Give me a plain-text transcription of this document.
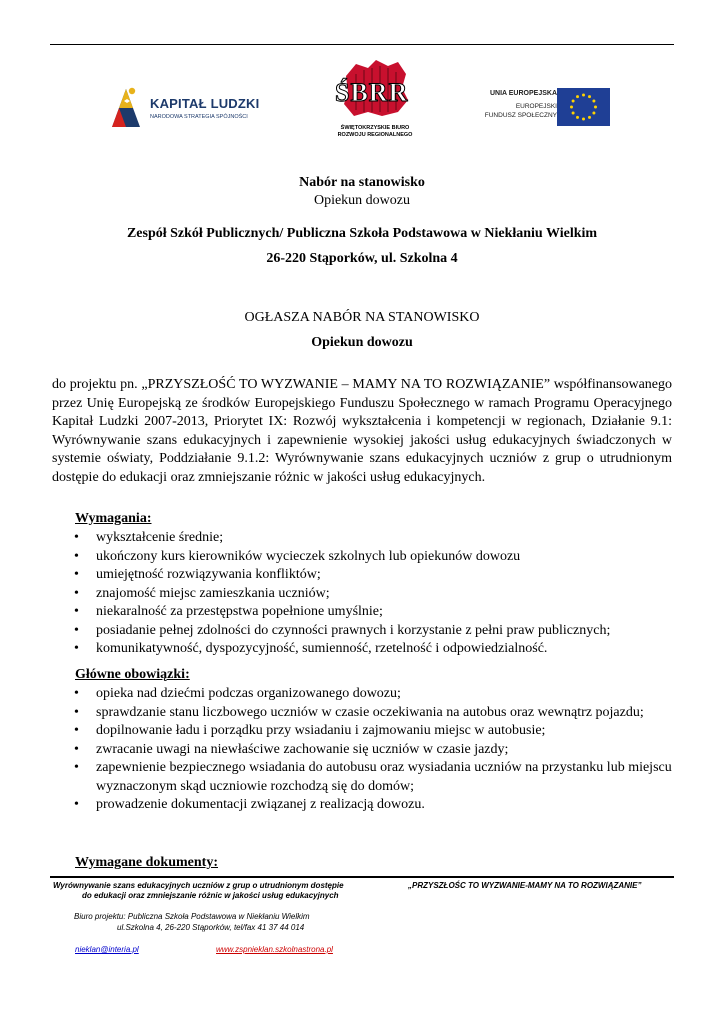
KAPITAŁ LUDZKI
NARODOWA STRATEGIA SPÓJNOŚCI
ŚBRR
ŚWIĘTOKRZYSKIE BIURO
ROZWOJU REGIONALNEGO
UNIA EUROPEJSKA
EUROPEJSKI
FUNDUSZ SPOŁECZNY
Nabór na stanowisko
Opiekun dowozu
Zespół Szkół Publicznych/ Publiczna Szkoła Podstawowa w Niekłaniu Wielkim
26-220 Stąporków, ul. Szkolna 4
OGŁASZA NABÓR NA STANOWISKO
Opiekun dowozu
do projektu pn. „PRZYSZŁOŚĆ TO WYZWANIE – MAMY NA TO ROZWIĄZANIE” współfinansowanego przez Unię Europejską ze środków Europejskiego Funduszu Społecznego w ramach Programu Operacyjnego Kapitał Ludzki 2007-2013, Priorytet IX: Rozwój wykształcenia i kompetencji w regionach, Działanie 9.1: Wyrównywanie szans edukacyjnych i zapewnienie wysokiej jakości usług edukacyjnych świadczonych w systemie oświaty, Poddziałanie 9.1.2: Wyrównywanie szans edukacyjnych uczniów z grup o utrudnionym dostępie do edukacji oraz zmniejszanie różnic w jakości usług edukacyjnych.
Wymagania:
• wykształcenie średnie;
• ukończony kurs kierowników wycieczek szkolnych lub opiekunów dowozu
• umiejętność rozwiązywania konfliktów;
• znajomość miejsc zamieszkania uczniów;
• niekaralność za przestępstwa popełnione umyślnie;
• posiadanie pełnej zdolności do czynności prawnych i korzystanie z pełni praw publicznych;
• komunikatywność, dyspozycyjność, sumienność, rzetelność i odpowiedzialność.
Główne obowiązki:
• opieka nad dziećmi podczas organizowanego dowozu;
• sprawdzanie stanu liczbowego uczniów w czasie oczekiwania na autobus oraz wewnątrz pojazdu;
• dopilnowanie ładu i porządku przy wsiadaniu i zajmowaniu miejsc w autobusie;
• zwracanie uwagi na niewłaściwe zachowanie się uczniów w czasie jazdy;
• zapewnienie bezpiecznego wsiadania do autobusu oraz wysiadania uczniów na przystanku lub miejscu wyznaczonym skąd uczniowie rozchodzą się do domów;
• prowadzenie dokumentacji związanej z realizacją dowozu.
Wymagane dokumenty:
Wyrównywanie szans edukacyjnych uczniów z grup o utrudnionym dostępie
do edukacji oraz zmniejszanie różnic w jakości usług edukacyjnych
„PRZYSZŁOŚC TO WYZWANIE-MAMY NA TO ROZWIĄZANIE”
Biuro projektu: Publiczna Szkoła Podstawowa w Niekłaniu Wielkim
ul.Szkolna 4, 26-220 Stąporków, tel/fax 41 37 44 014
nieklan@interia.pl	www.zspnieklan.szkolnastrona.pl
